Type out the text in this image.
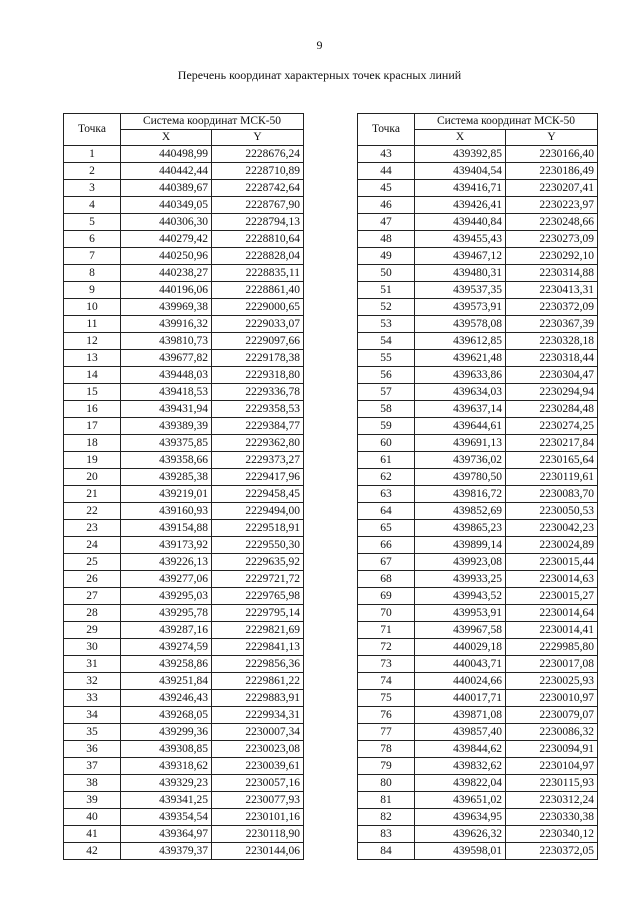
9
Перечень координат характерных точек красных линий
Точка	Система координат МСК-50	
	X	Y
1	440498,99	2228676,24
2	440442,44	2228710,89
3	440389,67	2228742,64
4	440349,05	2228767,90
5	440306,30	2228794,13
6	440279,42	2228810,64
7	440250,96	2228828,04
8	440238,27	2228835,11
9	440196,06	2228861,40
10	439969,38	2229000,65
11	439916,32	2229033,07
12	439810,73	2229097,66
13	439677,82	2229178,38
14	439448,03	2229318,80
15	439418,53	2229336,78
16	439431,94	2229358,53
17	439389,39	2229384,77
18	439375,85	2229362,80
19	439358,66	2229373,27
20	439285,38	2229417,96
21	439219,01	2229458,45
22	439160,93	2229494,00
23	439154,88	2229518,91
24	439173,92	2229550,30
25	439226,13	2229635,92
26	439277,06	2229721,72
27	439295,03	2229765,98
28	439295,78	2229795,14
29	439287,16	2229821,69
30	439274,59	2229841,13
31	439258,86	2229856,36
32	439251,84	2229861,22
33	439246,43	2229883,91
34	439268,05	2229934,31
35	439299,36	2230007,34
36	439308,85	2230023,08
37	439318,62	2230039,61
38	439329,23	2230057,16
39	439341,25	2230077,93
40	439354,54	2230101,16
41	439364,97	2230118,90
42	439379,37	2230144,06
Точка	Система координат МСК-50	
	X	Y
43	439392,85	2230166,40
44	439404,54	2230186,49
45	439416,71	2230207,41
46	439426,41	2230223,97
47	439440,84	2230248,66
48	439455,43	2230273,09
49	439467,12	2230292,10
50	439480,31	2230314,88
51	439537,35	2230413,31
52	439573,91	2230372,09
53	439578,08	2230367,39
54	439612,85	2230328,18
55	439621,48	2230318,44
56	439633,86	2230304,47
57	439634,03	2230294,94
58	439637,14	2230284,48
59	439644,61	2230274,25
60	439691,13	2230217,84
61	439736,02	2230165,64
62	439780,50	2230119,61
63	439816,72	2230083,70
64	439852,69	2230050,53
65	439865,23	2230042,23
66	439899,14	2230024,89
67	439923,08	2230015,44
68	439933,25	2230014,63
69	439943,52	2230015,27
70	439953,91	2230014,64
71	439967,58	2230014,41
72	440029,18	2229985,80
73	440043,71	2230017,08
74	440024,66	2230025,93
75	440017,71	2230010,97
76	439871,08	2230079,07
77	439857,40	2230086,32
78	439844,62	2230094,91
79	439832,62	2230104,97
80	439822,04	2230115,93
81	439651,02	2230312,24
82	439634,95	2230330,38
83	439626,32	2230340,12
84	439598,01	2230372,05
